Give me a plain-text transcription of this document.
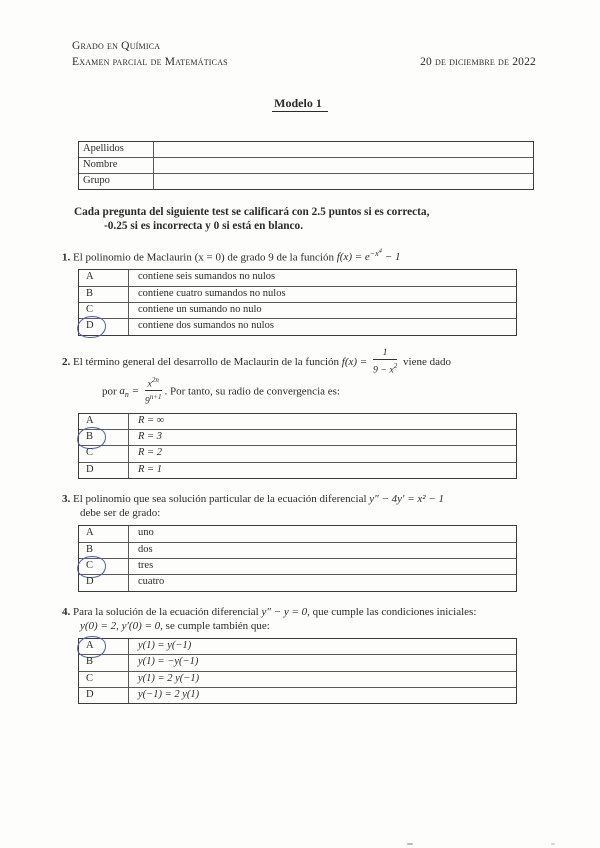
Grado en Química
Examen parcial de Matemáticas	20 de diciembre de 2022
Modelo 1
Apellidos
Nombre
Grupo
Cada pregunta del siguiente test se calificará con 2.5 puntos si es correcta,
-0.25 si es incorrecta y 0 si está en blanco.
1. El polinomio de Maclaurin (x = 0) de grado 9 de la función $f(x) = e^{-x^4} - 1$
A	contiene seis sumandos no nulos
B	contiene cuatro sumandos no nulos
C	contiene un sumando no nulo
D	contiene dos sumandos no nulos
2. El término general del desarrollo de Maclaurin de la función $f(x) = \frac{1}{9 - x^2}$ viene dado
por $a_n = \frac{x^{2n}}{9^{n+1}}$ . Por tanto, su radio de convergencia es:
A	R = ∞
B	R = 3
C	R = 2
D	R = 1
3. El polinomio que sea solución particular de la ecuación diferencial y″ − 4y′ = x² − 1
debe ser de grado:
A	uno
B	dos
C	tres
D	cuatro
4. Para la solución de la ecuación diferencial y″ − y = 0, que cumple las condiciones iniciales:
y(0) = 2, y′(0) = 0, se cumple también que:
A	y(1) = y(−1)
B	y(1) = −y(−1)
C	y(1) = 2 y(−1)
D	y(−1) = 2 y(1)
